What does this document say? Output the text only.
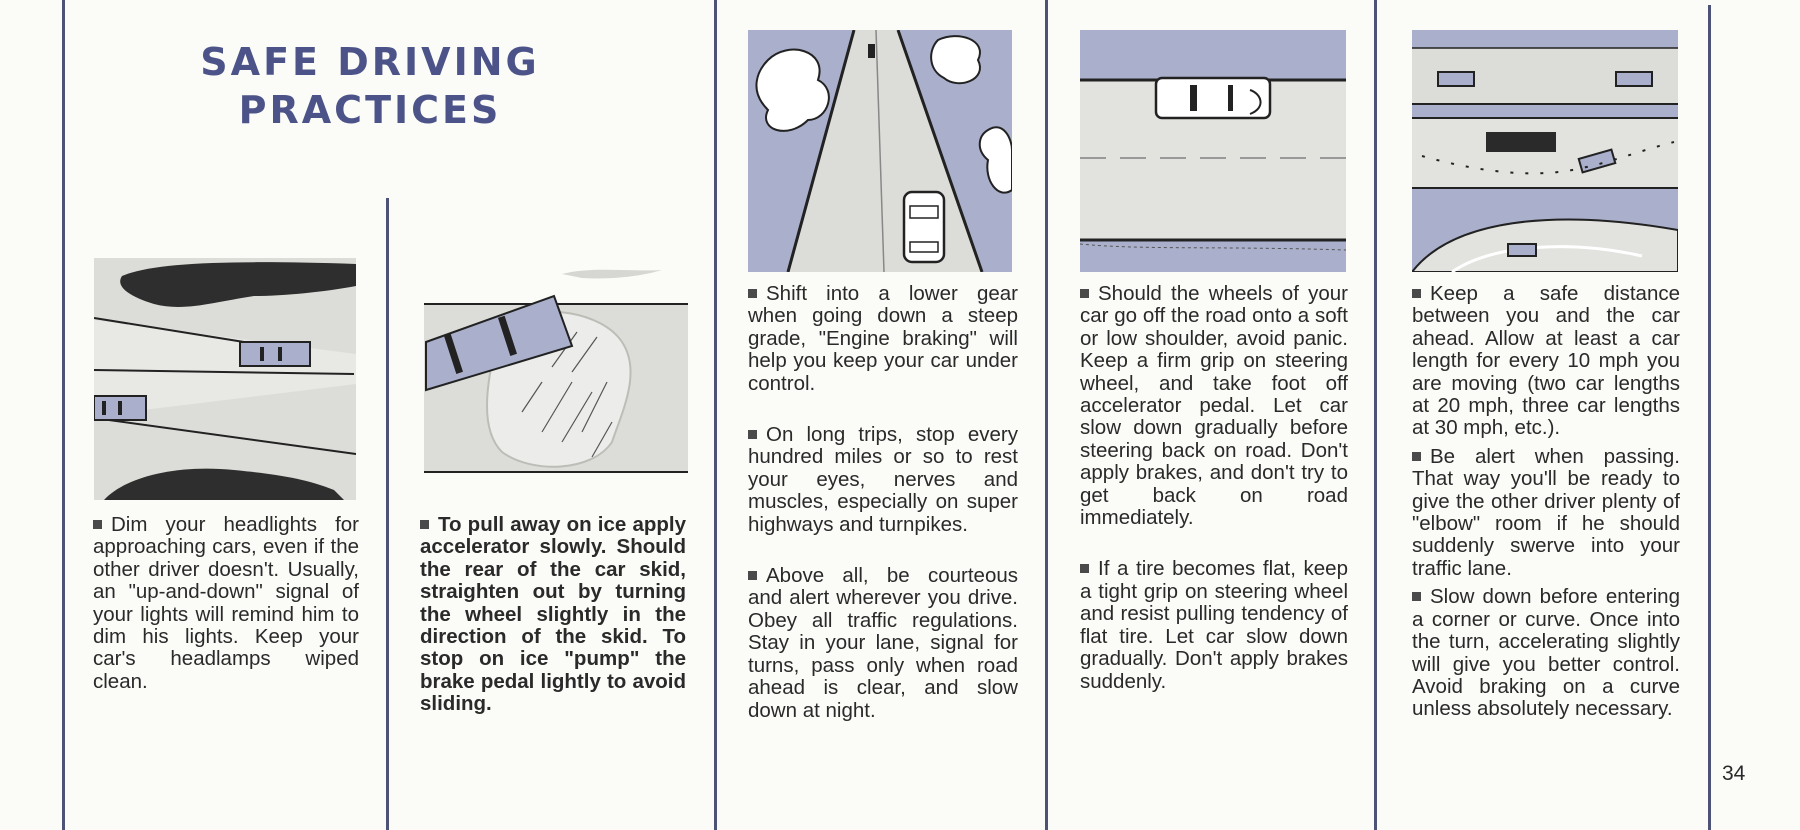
SAFE DRIVING
PRACTICES

Dim your headlights for approaching cars, even if the other driver doesn't. Usually, an "up-and-down" signal of your lights will remind him to dim his lights. Keep your car's headlamps wiped clean.

To pull away on ice apply accelerator slowly. Should the rear of the car skid, straighten out by turning the wheel slightly in the direction of the skid. To stop on ice "pump" the brake pedal lightly to avoid sliding.

Shift into a lower gear when going down a steep grade, "Engine braking" will help you keep your car under control.

On long trips, stop every hundred miles or so to rest your eyes, nerves and muscles, especially on super highways and turnpikes.

Above all, be courteous and alert wherever you drive. Obey all traffic regulations. Stay in your lane, signal for turns, pass only when road ahead is clear, and slow down at night.

Should the wheels of your car go off the road onto a soft or low shoulder, avoid panic. Keep a firm grip on steering wheel, and take foot off accelerator pedal. Let car slow down gradually before steering back on road. Don't apply brakes, and don't try to get back on road immediately.

If a tire becomes flat, keep a tight grip on steering wheel and resist pulling tendency of flat tire. Let car slow down gradually. Don't apply brakes suddenly.

Keep a safe distance between you and the car ahead. Allow at least a car length for every 10 mph you are moving (two car lengths at 20 mph, three car lengths at 30 mph, etc.).

Be alert when passing. That way you'll be ready to give the other driver plenty of "elbow" room if he should suddenly swerve into your traffic lane.

Slow down before entering a corner or curve. Once into the turn, accelerating slightly will give you better control. Avoid braking on a curve unless absolutely necessary.

34
